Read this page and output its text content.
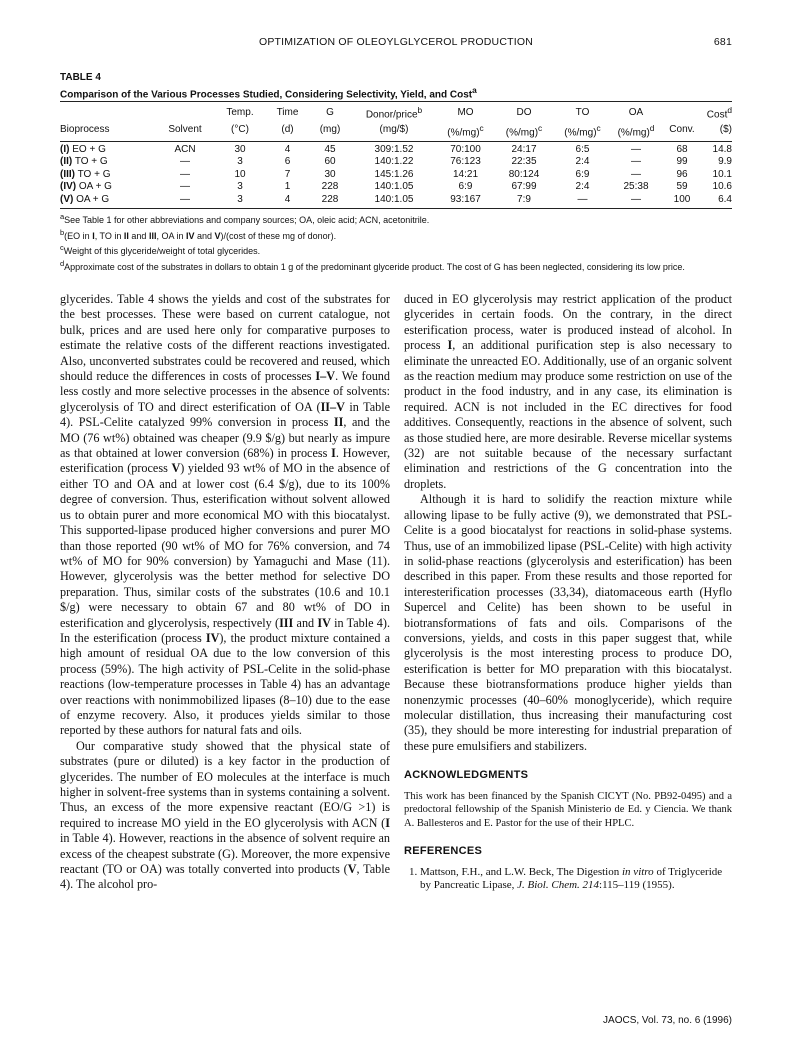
OPTIMIZATION OF OLEOYLGLYCEROL PRODUCTION	681
TABLE 4
Comparison of the Various Processes Studied, Considering Selectivity, Yield, and Cost$^a$
		Temp.	Time	G	Donor/price$^b$	MO	DO	TO	OA		Cost$^d$
Bioprocess	Solvent	(°C)	(d)	(mg)	(mg/$)	$(\%/mg)^c$	$(\%/mg)^c$	$(\%/mg)^c$	$(\%/mg)^d$	Conv.	($)

(I) EO + G	ACN	30	4	45	309:1.52	70:100	24:17	6:5	—	68	14.8
(II) TO + G	—	3	6	60	140:1.22	76:123	22:35	2:4	—	99	9.9
(III) TO + G	—	10	7	30	145:1.26	14:21	80:124	6:9	—	96	10.1
(IV) OA + G	—	3	1	228	140:1.05	6:9	67:99	2:4	25:38	59	10.6
(V) OA + G	—	3	4	228	140:1.05	93:167	7:9	—	—	100	6.4

$^a$See Table 1 for other abbreviations and company sources; OA, oleic acid; ACN, acetonitrile.

$^b$(EO in I, TO in II and III, OA in IV and V)/(cost of these mg of donor).

$^c$Weight of this glyceride/weight of total glycerides.

$^d$Approximate cost of the substrates in dollars to obtain 1 g of the predominant glyceride product. The cost of G has been neglected, considering its low price.

glycerides. Table 4 shows the yields and cost of the substrates for the best processes. These were based on current catalogue, not bulk, prices and are used here only for comparative purposes to estimate the relative costs of the different reactions investigated. Also, unconverted substrates could be recovered and reused, which should reduce the differences in costs of processes I–V. We found less costly and more selective processes in the absence of solvents: glycerolysis of TO and direct esterification of OA (II–V in Table 4). PSL-Celite catalyzed 99% conversion in process II, and the MO (76 wt%) obtained was cheaper (9.9 $/g) but nearly as impure as that obtained at lower conversion (68%) in process I. However, esterification (process V) yielded 93 wt% of MO in the absence of either TO and OA and at lower cost (6.4 $/g), due to its 100% degree of conversion. Thus, esterification without solvent allowed us to obtain purer and more economical MO with this biocatalyst. This supported-lipase produced higher conversions and purer MO than those reported (90 wt% of MO for 76% conversion, and 74 wt% of MO for 90% conversion) by Yamaguchi and Mase (11). However, glycerolysis was the better method for selective DO preparation. Thus, similar costs of the substrates (10.6 and 10.1 $/g) were necessary to obtain 67 and 80 wt% of DO in esterification and glycerolysis, respectively (III and IV in Table 4). In the esterification (process IV), the product mixture contained a high amount of residual OA due to the low conversion of this process (59%). The high activity of PSL-Celite in the solid-phase reactions (low-temperature processes in Table 4) has an advantage over reactions with nonimmobilized lipases (8–10) due to the ease of enzyme recovery. Also, it produces yields similar to those reported by these authors for natural fats and oils.

Our comparative study showed that the physical state of substrates (pure or diluted) is a key factor in the production of glycerides. The number of EO molecules at the interface is much higher in solvent-free systems than in systems containing a solvent. Thus, an excess of the more expensive reactant (EO/G >1) is required to increase MO yield in the EO glycerolysis with ACN (I in Table 4). However, reactions in the absence of solvent require an excess of the cheapest substrate (G). Moreover, the more expensive reactant (TO or OA) was totally converted into products (V, Table 4). The alcohol pro-

duced in EO glycerolysis may restrict application of the product glycerides in certain foods. On the contrary, in the direct esterification process, water is produced instead of alcohol. In process I, an additional purification step is also necessary to eliminate the unreacted EO. Additionally, use of an organic solvent as the reaction medium may produce some restriction on use of the product in the food industry, and in any case, its elimination is required. ACN is not included in the EC directives for food additives. Consequently, reactions in the absence of solvent, such as those studied here, are more desirable. Reverse micellar systems (32) are not suitable because of the necessary surfactant elimination and restrictions of the G concentration into the droplets.

Although it is hard to solidify the reaction mixture while allowing lipase to be fully active (9), we demonstrated that PSL-Celite is a good biocatalyst for reactions in solid-phase systems. Thus, use of an immobilized lipase (PSL-Celite) with high activity in solid-phase reactions (glycerolysis and esterification) has been described in this paper. From these results and those reported for interesterification processes (33,34), diatomaceous earth (Hyflo Supercel and Celite) has been shown to be useful in biotransformations of fats and oils. Comparisons of the conversions, yields, and costs in this paper suggest that, while glycerolysis is the most interesting process to produce DO, esterification is better for MO preparation with this biocatalyst. Because these biotransformations produce higher yields than nonenzymic processes (40–60% monoglyceride), which require molecular distillation, thus increasing their manufacturing cost (35), they should be more interesting for industrial preparation of these pure emulsifiers and stabilizers.

ACKNOWLEDGMENTS

This work has been financed by the Spanish CICYT (No. PB92-0495) and a predoctoral fellowship of the Spanish Ministerio de Ed. y Ciencia. We thank A. Ballesteros and E. Pastor for the use of their HPLC.

REFERENCES

1. Mattson, F.H., and L.W. Beck, The Digestion in vitro of Triglyceride by Pancreatic Lipase, J. Biol. Chem. 214:115–119 (1955).

JAOCS, Vol. 73, no. 6 (1996)
